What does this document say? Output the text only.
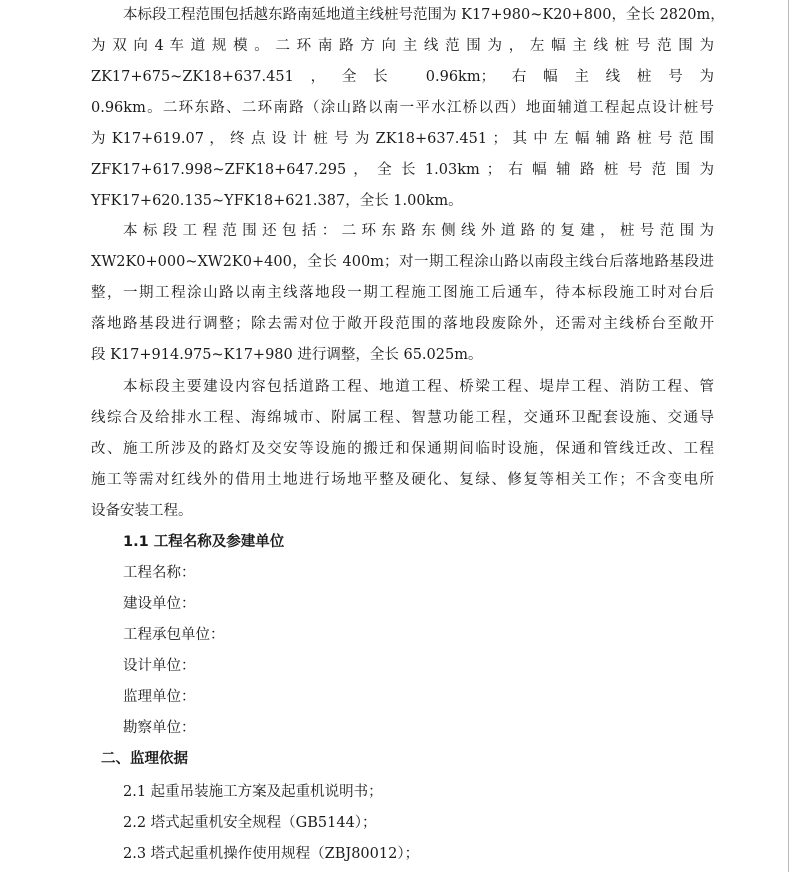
本标段工程范围包括越东路南延地道主线桩号范围为 K17+980~K20+800，全长 2820m，
为 双 向 4 车 道 规 模 。 二 环 南 路 方 向 主 线 范 围 为 ， 左 幅 主 线 桩 号 范 围 为
ZK17+675~ZK18+637.451，全长 0.96km；右幅主线桩号为
0.96km。二环东路、二环南路（涂山路以南一平水江桥以西）地面辅道工程起点设计桩号
为 K17+619.07 ， 终 点 设 计 桩 号 为 ZK18+637.451 ； 其 中 左 幅 辅 路 桩 号 范 围
ZFK17+617.998~ZFK18+647.295 ， 全 长 1.03km ； 右 幅 辅 路 桩 号 范 围 为
YFK17+620.135~YFK18+621.387，全长 1.00km。
本标段工程范围还包括：二环东路东侧线外道路的复建，桩号范围为
XW2K0+000~XW2K0+400，全长 400m；对一期工程涂山路以南段主线台后落地路基段进
整，一期工程涂山路以南主线落地段一期工程施工图施工后通车，待本标段施工时对台后
落地路基段进行调整；除去需对位于敞开段范围的落地段废除外，还需对主线桥台至敞开
段 K17+914.975~K17+980 进行调整，全长 65.025m。
本标段主要建设内容包括道路工程、地道工程、桥梁工程、堤岸工程、消防工程、管
线综合及给排水工程、海绵城市、附属工程、智慧功能工程，交通环卫配套设施、交通导
改、施工所涉及的路灯及交安等设施的搬迁和保通期间临时设施，保通和管线迁改、工程
施工等需对红线外的借用土地进行场地平整及硬化、复绿、修复等相关工作；不含变电所
设备安装工程。
1.1 工程名称及参建单位
工程名称：
建设单位：
工程承包单位：
设计单位：
监理单位：
勘察单位：
二、监理依据
2.1 起重吊装施工方案及起重机说明书；
2.2 塔式起重机安全规程（GB5144）；
2.3 塔式起重机操作使用规程（ZBJ80012）；
